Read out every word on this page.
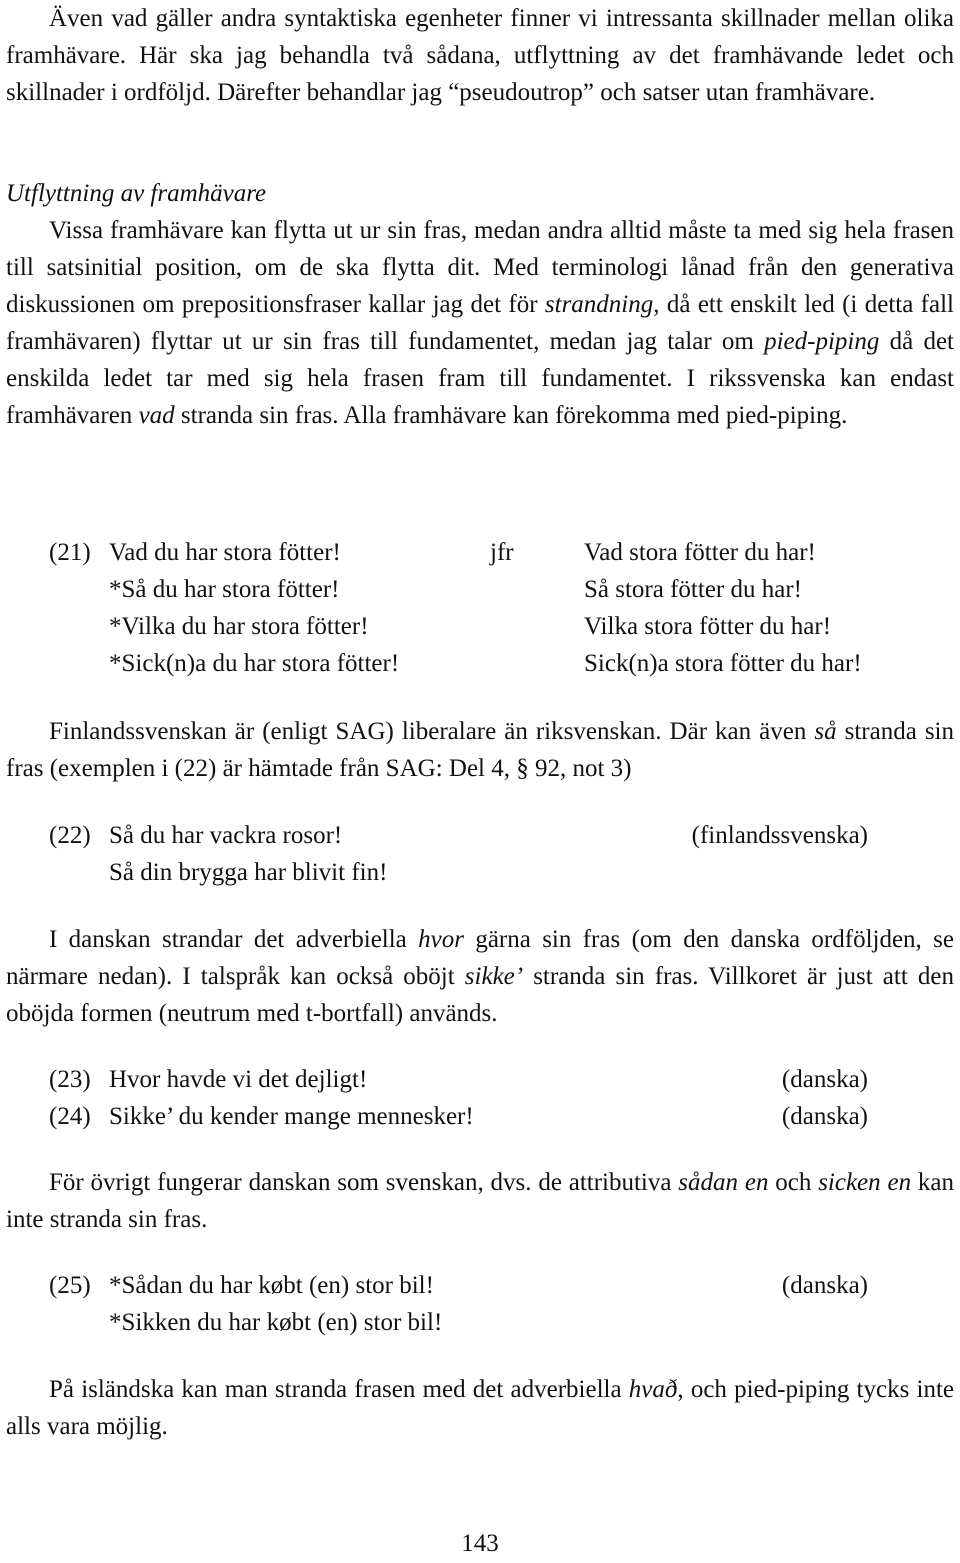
Även vad gäller andra syntaktiska egenheter finner vi intressanta skillnader mellan olika framhävare. Här ska jag behandla två sådana, utflyttning av det framhävande ledet och skillnader i ordföljd. Därefter behandlar jag “pseudoutrop” och satser utan framhävare.

Utflyttning av framhävare

Vissa framhävare kan flytta ut ur sin fras, medan andra alltid måste ta med sig hela frasen till satsinitial position, om de ska flytta dit. Med terminologi lånad från den generativa diskussionen om prepositionsfraser kallar jag det för strandning, då ett enskilt led (i detta fall framhävaren) flyttar ut ur sin fras till fundamentet, medan jag talar om pied-piping då det enskilda ledet tar med sig hela frasen fram till fundamentet. I rikssvenska kan endast framhävaren vad stranda sin fras. Alla framhävare kan förekomma med pied-piping.

(21) Vad du har stora fötter!	jfr	Vad stora fötter du har!
*Så du har stora fötter!	Så stora fötter du har!
*Vilka du har stora fötter!	Vilka stora fötter du har!
*Sick(n)a du har stora fötter!	Sick(n)a stora fötter du har!

Finlandssvenskan är (enligt SAG) liberalare än riksvenskan. Där kan även så stranda sin fras (exemplen i (22) är hämtade från SAG: Del 4, § 92, not 3)

(22) Så du har vackra rosor!	(finlandssvenska)
Så din brygga har blivit fin!

I danskan strandar det adverbiella hvor gärna sin fras (om den danska ordföljden, se närmare nedan). I talspråk kan också oböjt sikke’ stranda sin fras. Villkoret är just att den oböjda formen (neutrum med t-bortfall) används.

(23) Hvor havde vi det dejligt!	(danska)
(24) Sikke’ du kender mange mennesker!	(danska)

För övrigt fungerar danskan som svenskan, dvs. de attributiva sådan en och sicken en kan inte stranda sin fras.

(25) *Sådan du har købt (en) stor bil!	(danska)
*Sikken du har købt (en) stor bil!

På isländska kan man stranda frasen med det adverbiella hvað, och pied-piping tycks inte alls vara möjlig.

143
